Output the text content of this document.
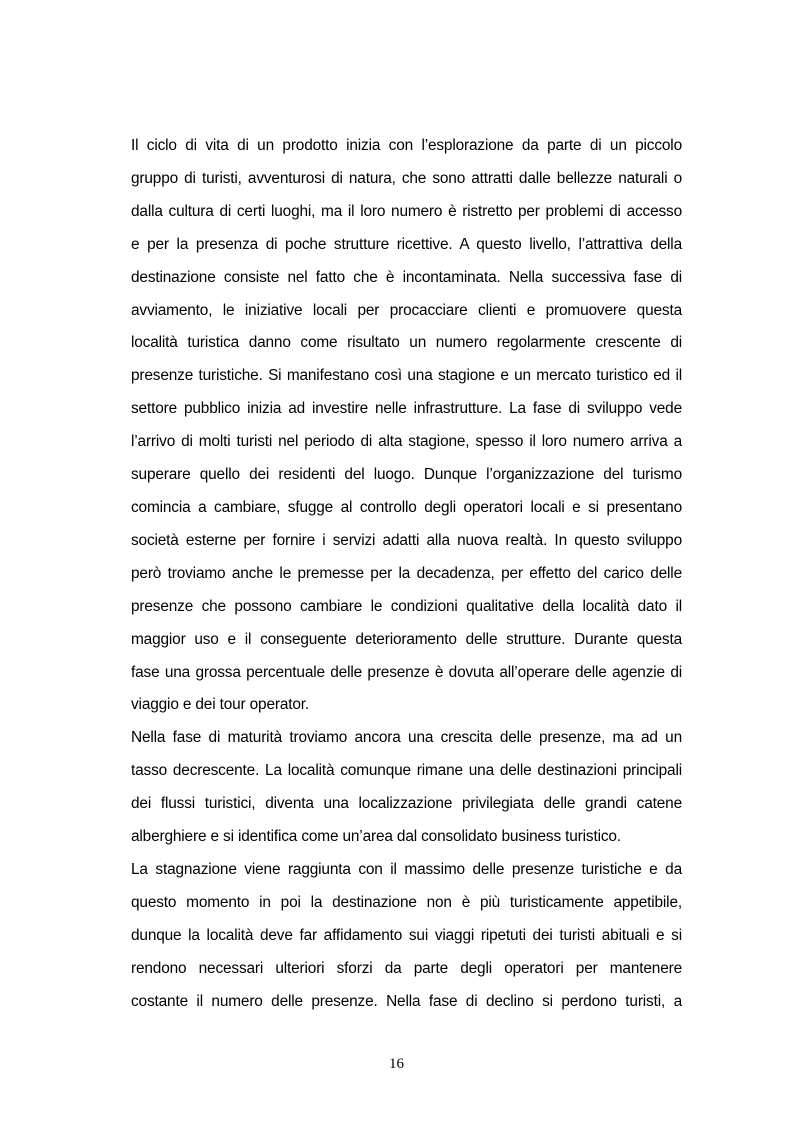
Il ciclo di vita di un prodotto inizia con l’esplorazione da parte di un piccolo
gruppo di turisti, avventurosi di natura, che sono attratti dalle bellezze naturali o
dalla cultura di certi luoghi, ma il loro numero è ristretto per problemi di accesso
e per la presenza di poche strutture ricettive. A questo livello, l’attrattiva della
destinazione consiste nel fatto che è incontaminata. Nella successiva fase di
avviamento, le iniziative locali per procacciare clienti e promuovere questa
località turistica danno come risultato un numero regolarmente crescente di
presenze turistiche. Si manifestano così una stagione e un mercato turistico ed il
settore pubblico inizia ad investire nelle infrastrutture. La fase di sviluppo vede
l’arrivo di molti turisti nel periodo di alta stagione, spesso il loro numero arriva a
superare quello dei residenti del luogo. Dunque l’organizzazione del turismo
comincia a cambiare, sfugge al controllo degli operatori locali e si presentano
società esterne per fornire i servizi adatti alla nuova realtà. In questo sviluppo
però troviamo anche le premesse per la decadenza, per effetto del carico delle
presenze che possono cambiare le condizioni qualitative della località dato il
maggior uso e il conseguente deterioramento delle strutture. Durante questa
fase una grossa percentuale delle presenze è dovuta all’operare delle agenzie di
viaggio e dei tour operator.

Nella fase di maturità troviamo ancora una crescita delle presenze, ma ad un
tasso decrescente. La località comunque rimane una delle destinazioni principali
dei flussi turistici, diventa una localizzazione privilegiata delle grandi catene
alberghiere e si identifica come un’area dal consolidato business turistico.

La stagnazione viene raggiunta con il massimo delle presenze turistiche e da
questo momento in poi la destinazione non è più turisticamente appetibile,
dunque la località deve far affidamento sui viaggi ripetuti dei turisti abituali e si
rendono necessari ulteriori sforzi da parte degli operatori per mantenere
costante il numero delle presenze. Nella fase di declino si perdono turisti, a

16
